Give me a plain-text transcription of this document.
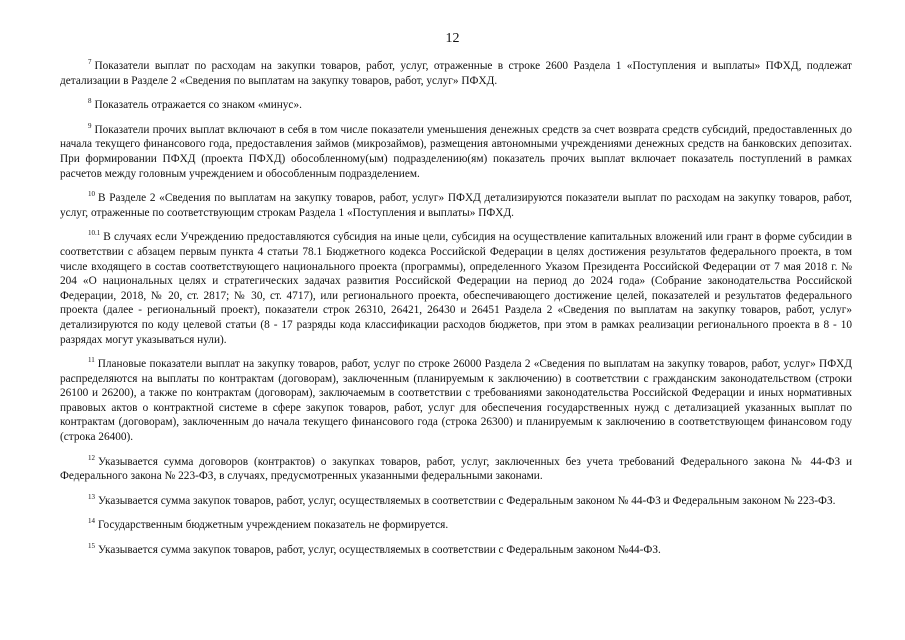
12

$^7$ Показатели выплат по расходам на закупки товаров, работ, услуг, отраженные в строке 2600 Раздела 1 «Поступления и выплаты» ПФХД, подлежат детализации в Разделе 2 «Сведения по выплатам на закупку товаров, работ, услуг» ПФХД.

$^8$ Показатель отражается со знаком «минус».

$^9$ Показатели прочих выплат включают в себя в том числе показатели уменьшения денежных средств за счет возврата средств субсидий, предоставленных до начала текущего финансового года, предоставления займов (микрозаймов), размещения автономными учреждениями денежных средств на банковских депозитах. При формировании ПФХД (проекта ПФХД) обособленному(ым) подразделению(ям) показатель прочих выплат включает показатель поступлений в рамках расчетов между головным учреждением и обособленным подразделением.

$^{10}$ В Разделе 2 «Сведения по выплатам на закупку товаров, работ, услуг» ПФХД детализируются показатели выплат по расходам на закупку товаров, работ, услуг, отраженные по соответствующим строкам Раздела 1 «Поступления и выплаты» ПФХД.

$^{10.1}$ В случаях если Учреждению предоставляются субсидия на иные цели, субсидия на осуществление капитальных вложений или грант в форме субсидии в соответствии с абзацем первым пункта 4 статьи 78.1 Бюджетного кодекса Российской Федерации в целях достижения результатов федерального проекта, в том числе входящего в состав соответствующего национального проекта (программы), определенного Указом Президента Российской Федерации от 7 мая 2018 г. № 204 «О национальных целях и стратегических задачах развития Российской Федерации на период до 2024 года» (Собрание законодательства Российской Федерации, 2018, № 20, ст. 2817; № 30, ст. 4717), или регионального проекта, обеспечивающего достижение целей, показателей и результатов федерального проекта (далее - региональный проект), показатели строк 26310, 26421, 26430 и 26451 Раздела 2 «Сведения по выплатам на закупку товаров, работ, услуг» детализируются по коду целевой статьи (8 - 17 разряды кода классификации расходов бюджетов, при этом в рамках реализации регионального проекта в 8 - 10 разрядах могут указываться нули).

$^{11}$ Плановые показатели выплат на закупку товаров, работ, услуг по строке 26000 Раздела 2 «Сведения по выплатам на закупку товаров, работ, услуг» ПФХД распределяются на выплаты по контрактам (договорам), заключенным (планируемым к заключению) в соответствии с гражданским законодательством (строки 26100 и 26200), а также по контрактам (договорам), заключаемым в соответствии с требованиями законодательства Российской Федерации и иных нормативных правовых актов о контрактной системе в сфере закупок товаров, работ, услуг для обеспечения государственных нужд с детализацией указанных выплат по контрактам (договорам), заключенным до начала текущего финансового года (строка 26300) и планируемым к заключению в соответствующем финансовом году (строка 26400).

$^{12}$ Указывается сумма договоров (контрактов) о закупках товаров, работ, услуг, заключенных без учета требований Федерального закона № 44-ФЗ и Федерального закона № 223-ФЗ, в случаях, предусмотренных указанными федеральными законами.

$^{13}$ Указывается сумма закупок товаров, работ, услуг, осуществляемых в соответствии с Федеральным законом № 44-ФЗ и Федеральным законом № 223-ФЗ.

$^{14}$ Государственным бюджетным учреждением показатель не формируется.

$^{15}$ Указывается сумма закупок товаров, работ, услуг, осуществляемых в соответствии с Федеральным законом №44-ФЗ.
